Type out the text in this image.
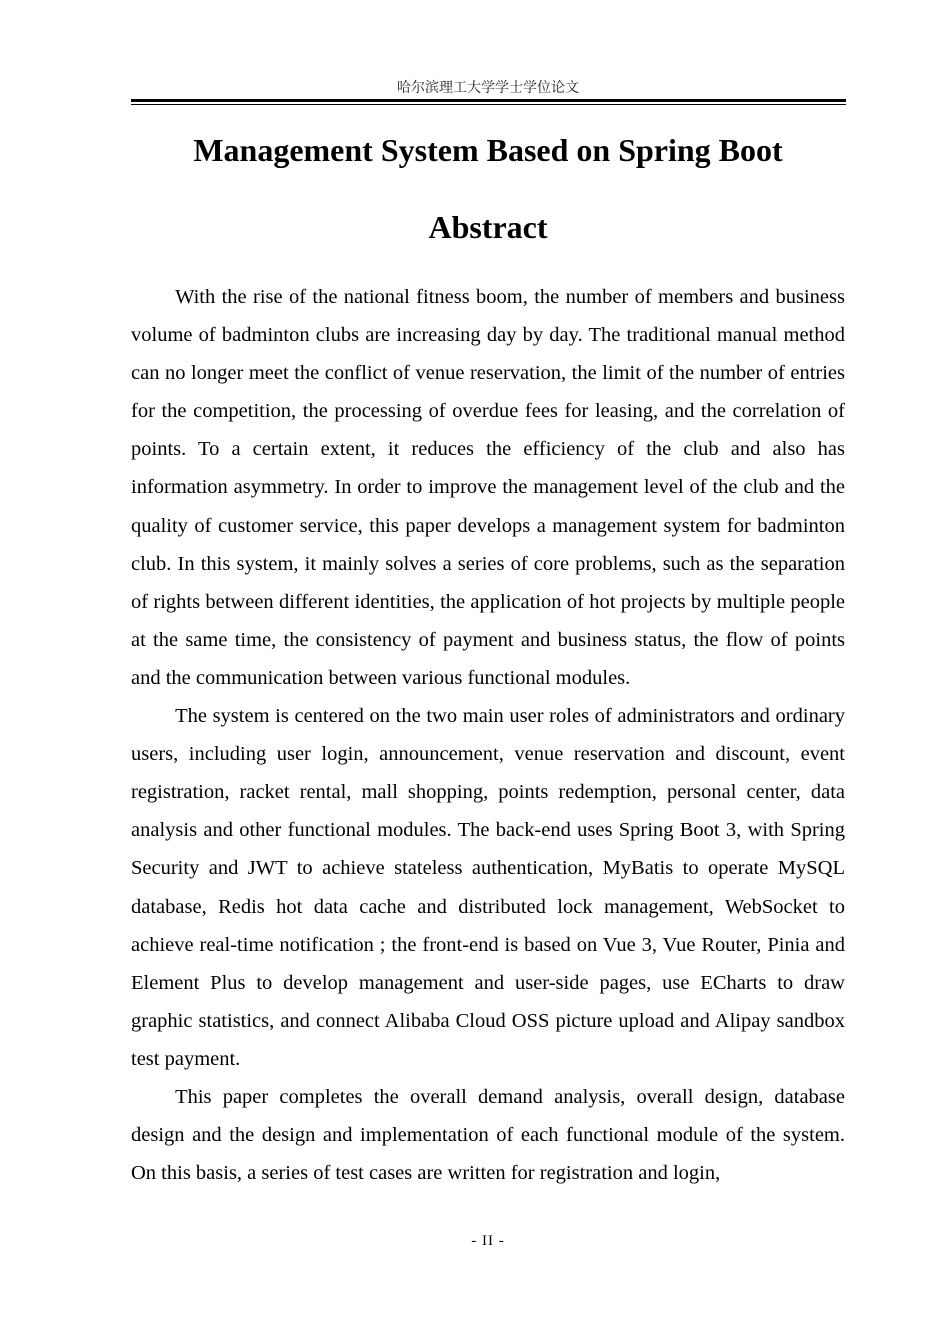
哈尔滨理工大学学士学位论文
Management System Based on Spring Boot
Abstract

With the rise of the national fitness boom, the number of members and business volume of badminton clubs are increasing day by day. The traditional manual method can no longer meet the conflict of venue reservation, the limit of the number of entries for the competition, the processing of overdue fees for leasing, and the correlation of points. To a certain extent, it reduces the efficiency of the club and also has information asymmetry. In order to improve the management level of the club and the quality of customer service, this paper develops a management system for badminton club. In this system, it mainly solves a series of core problems, such as the separation of rights between different identities, the application of hot projects by multiple people at the same time, the consistency of payment and business status, the flow of points and the communication between various functional modules.

The system is centered on the two main user roles of administrators and ordinary users, including user login, announcement, venue reservation and discount, event registration, racket rental, mall shopping, points redemption, personal center, data analysis and other functional modules. The back-end uses Spring Boot 3, with Spring Security and JWT to achieve stateless authentication, MyBatis to operate MySQL database, Redis hot data cache and distributed lock management, WebSocket to achieve real-time notification ; the front-end is based on Vue 3, Vue Router, Pinia and Element Plus to develop management and user-side pages, use ECharts to draw graphic statistics, and connect Alibaba Cloud OSS picture upload and Alipay sandbox test payment.

This paper completes the overall demand analysis, overall design, database design and the design and implementation of each functional module of the system. On this basis, a series of test cases are written for registration and login,

- II -
